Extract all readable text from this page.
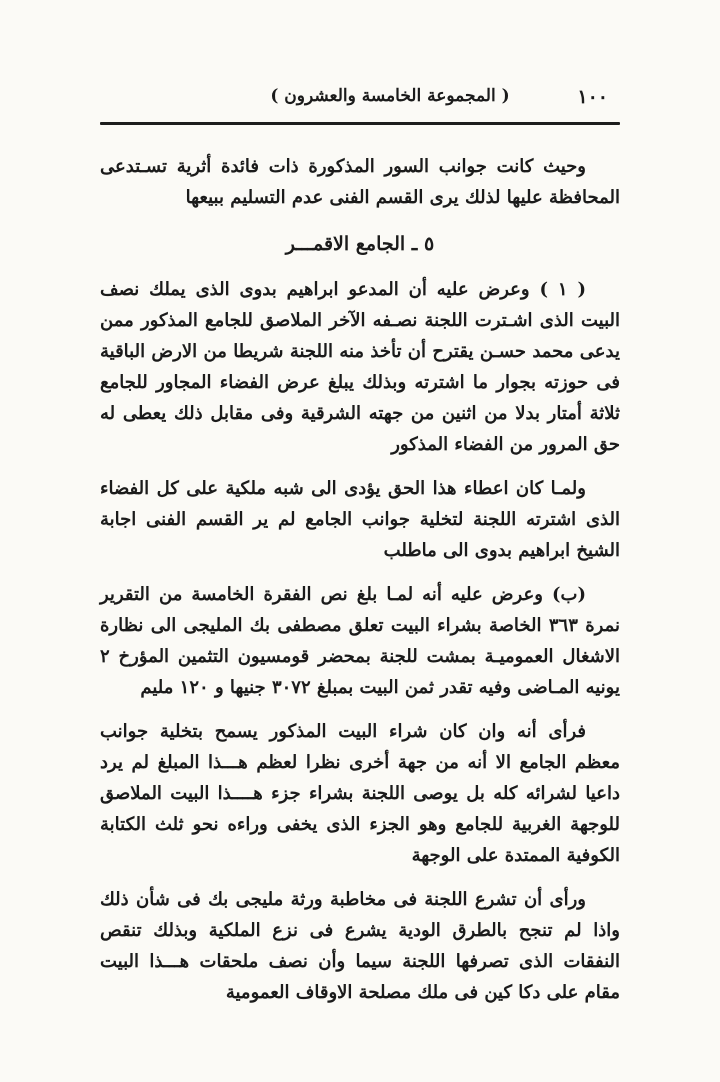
( المجموعة الخامسة والعشرون )	١٠٠

وحيث كانت جوانب السور المذكورة ذات فائدة أثرية تسـتدعى المحافظة عليها لذلك يرى القسم الفنى عدم التسليم ببيعها

٥ ـ الجامع الاقمـــر

( ١ ) وعرض عليه أن المدعو ابراهيم بدوى الذى يملك نصف البيت الذى اشـترت اللجنة نصـفه الآخر الملاصق للجامع المذكور ممن يدعى محمد حسـن يقترح أن تأخذ منه اللجنة شريطا من الارض الباقية فى حوزته بجوار ما اشترته وبذلك يبلغ عرض الفضاء المجاور للجامع ثلاثة أمتار بدلا من اثنين من جهته الشرقية وفى مقابل ذلك يعطى له حق المرور من الفضاء المذكور

ولمـا كان اعطاء هذا الحق يؤدى الى شبه ملكية على كل الفضاء الذى اشترته اللجنة لتخلية جوانب الجامع لم ير القسم الفنى اجابة الشيخ ابراهيم بدوى الى ماطلب

(ب) وعرض عليه أنه لمـا بلغ نص الفقرة الخامسة من التقرير نمرة ٣٦٣ الخاصة بشراء البيت تعلق مصطفى بك المليجى الى نظارة الاشغال العموميـة بمشت للجنة بمحضر قومسيون التثمين المؤرخ ٢ يونيه المـاضى وفيه تقدر ثمن البيت بمبلغ ٣٠٧٢ جنيها و ١٢٠ مليم

فرأى أنه وان كان شراء البيت المذكور يسمح بتخلية جوانب معظم الجامع الا أنه من جهة أخرى نظرا لعظم هـــذا المبلغ لم يرد داعيا لشرائه كله بل يوصى اللجنة بشراء جزء هــــذا البيت الملاصق للوجهة الغربية للجامع وهو الجزء الذى يخفى وراءه نحو ثلث الكتابة الكوفية الممتدة على الوجهة

ورأى أن تشرع اللجنة فى مخاطبة ورثة مليجى بك فى شأن ذلك واذا لم تنجح بالطرق الودية يشرع فى نزع الملكية وبذلك تنقص النفقات الذى تصرفها اللجنة سيما وأن نصف ملحقات هـــذا البيت مقام على دكا كين فى ملك مصلحة الاوقاف العمومية
